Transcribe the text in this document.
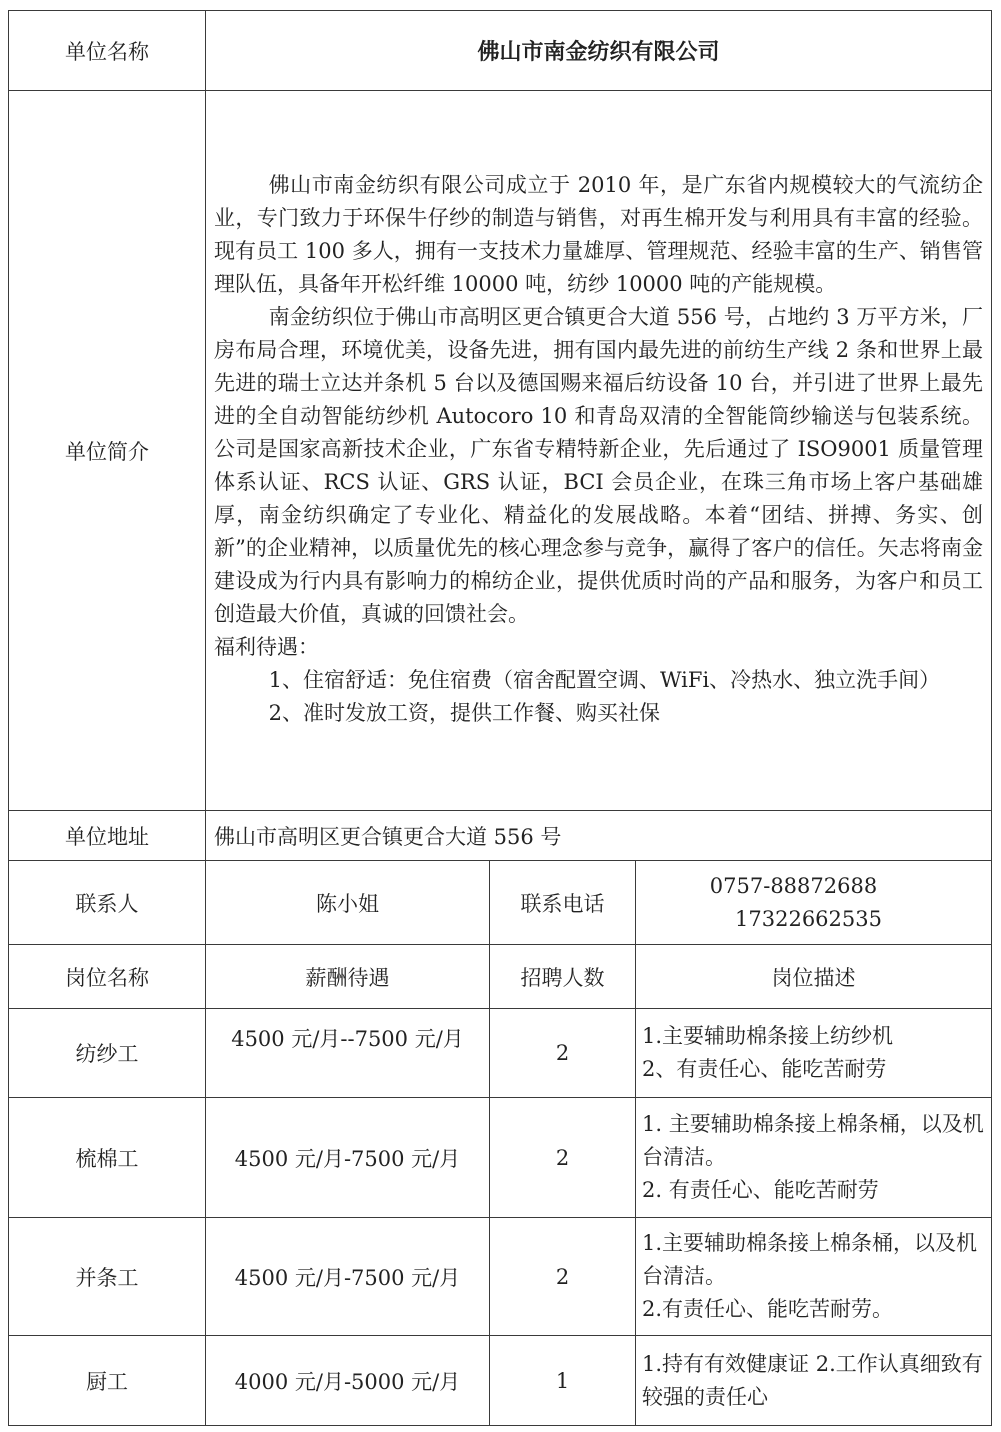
单位名称	佛山市南金纺织有限公司		
单位简介	佛山市南金纺织有限公司成立于 2010 年，是广东省内规模较大的气流纺企业，专门致力于环保牛仔纱的制造与销售，对再生棉开发与利用具有丰富的经验。现有员工 100 多人，拥有一支技术力量雄厚、管理规范、经验丰富的生产、销售管理队伍，具备年开松纤维 10000 吨，纺纱 10000 吨的产能规模。

南金纺织位于佛山市高明区更合镇更合大道 556 号，占地约 3 万平方米，厂房布局合理，环境优美，设备先进，拥有国内最先进的前纺生产线 2 条和世界上最先进的瑞士立达并条机 5 台以及德国赐来福后纺设备 10 台，并引进了世界上最先进的全自动智能纺纱机 Autocoro 10 和青岛双清的全智能筒纱输送与包装系统。公司是国家高新技术企业，广东省专精特新企业，先后通过了 ISO9001 质量管理体系认证、RCS 认证、GRS 认证，BCI 会员企业，在珠三角市场上客户基础雄厚，南金纺织确定了专业化、精益化的发展战略。本着“团结、拼搏、务实、创新”的企业精神，以质量优先的核心理念参与竞争，赢得了客户的信任。矢志将南金建设成为行内具有影响力的棉纺企业，提供优质时尚的产品和服务，为客户和员工创造最大价值，真诚的回馈社会。

福利待遇：

1、住宿舒适：免住宿费（宿舍配置空调、WiFi、冷热水、独立洗手间）

2、准时发放工资，提供工作餐、购买社保		

单位地址	佛山市高明区更合镇更合大道 556 号		
联系人	陈小姐	联系电话	0757-88872688
17322662535

岗位名称	薪酬待遇	招聘人数	岗位描述
纺纱工	4500 元/月--7500 元/月	2	1.主要辅助棉条接上纺纱机
2、有责任心、能吃苦耐劳

梳棉工	4500 元/月-7500 元/月	2	1. 主要辅助棉条接上棉条桶，以及机台清洁。
2. 有责任心、能吃苦耐劳

并条工	4500 元/月-7500 元/月	2	1.主要辅助棉条接上棉条桶，以及机台清洁。
2.有责任心、能吃苦耐劳。

厨工	4000 元/月-5000 元/月	1	1.持有有效健康证 2.工作认真细致有较强的责任心
